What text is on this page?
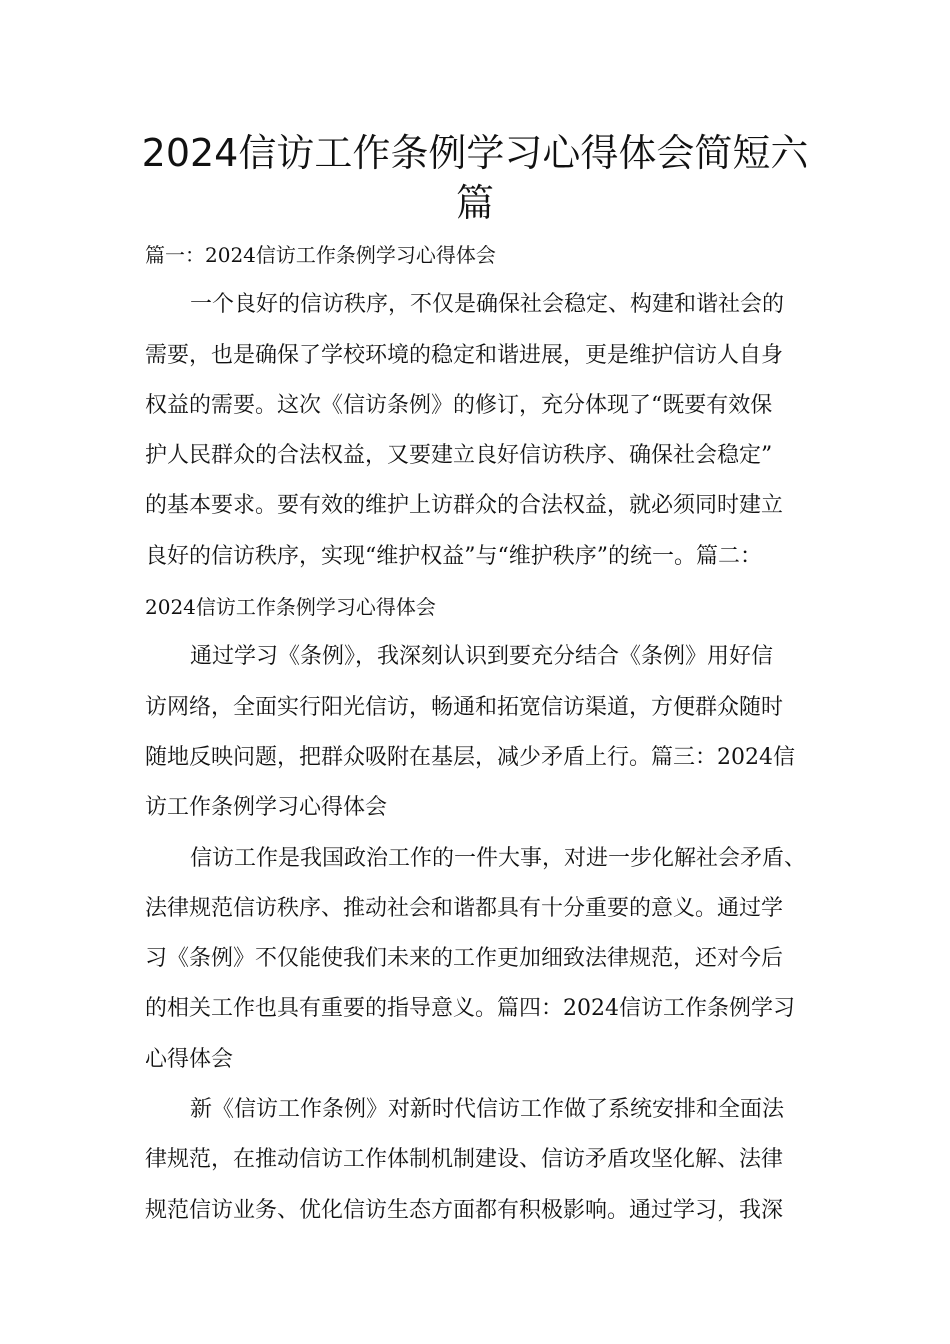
2024信访工作条例学习心得体会简短六
篇
篇一：2024信访工作条例学习心得体会
一个良好的信访秩序，不仅是确保社会稳定、构建和谐社会的
需要，也是确保了学校环境的稳定和谐进展，更是维护信访人自身
权益的需要。这次《信访条例》的修订，充分体现了“既要有效保
护人民群众的合法权益，又要建立良好信访秩序、确保社会稳定”
的基本要求。要有效的维护上访群众的合法权益，就必须同时建立
良好的信访秩序，实现“维护权益”与“维护秩序”的统一。篇二：
2024信访工作条例学习心得体会
通过学习《条例》，我深刻认识到要充分结合《条例》用好信
访网络，全面实行阳光信访，畅通和拓宽信访渠道，方便群众随时
随地反映问题，把群众吸附在基层，减少矛盾上行。篇三：2024信
访工作条例学习心得体会
信访工作是我国政治工作的一件大事，对进一步化解社会矛盾、
法律规范信访秩序、推动社会和谐都具有十分重要的意义。通过学
习《条例》不仅能使我们未来的工作更加细致法律规范，还对今后
的相关工作也具有重要的指导意义。篇四：2024信访工作条例学习
心得体会
新《信访工作条例》对新时代信访工作做了系统安排和全面法
律规范，在推动信访工作体制机制建设、信访矛盾攻坚化解、法律
规范信访业务、优化信访生态方面都有积极影响。通过学习，我深
